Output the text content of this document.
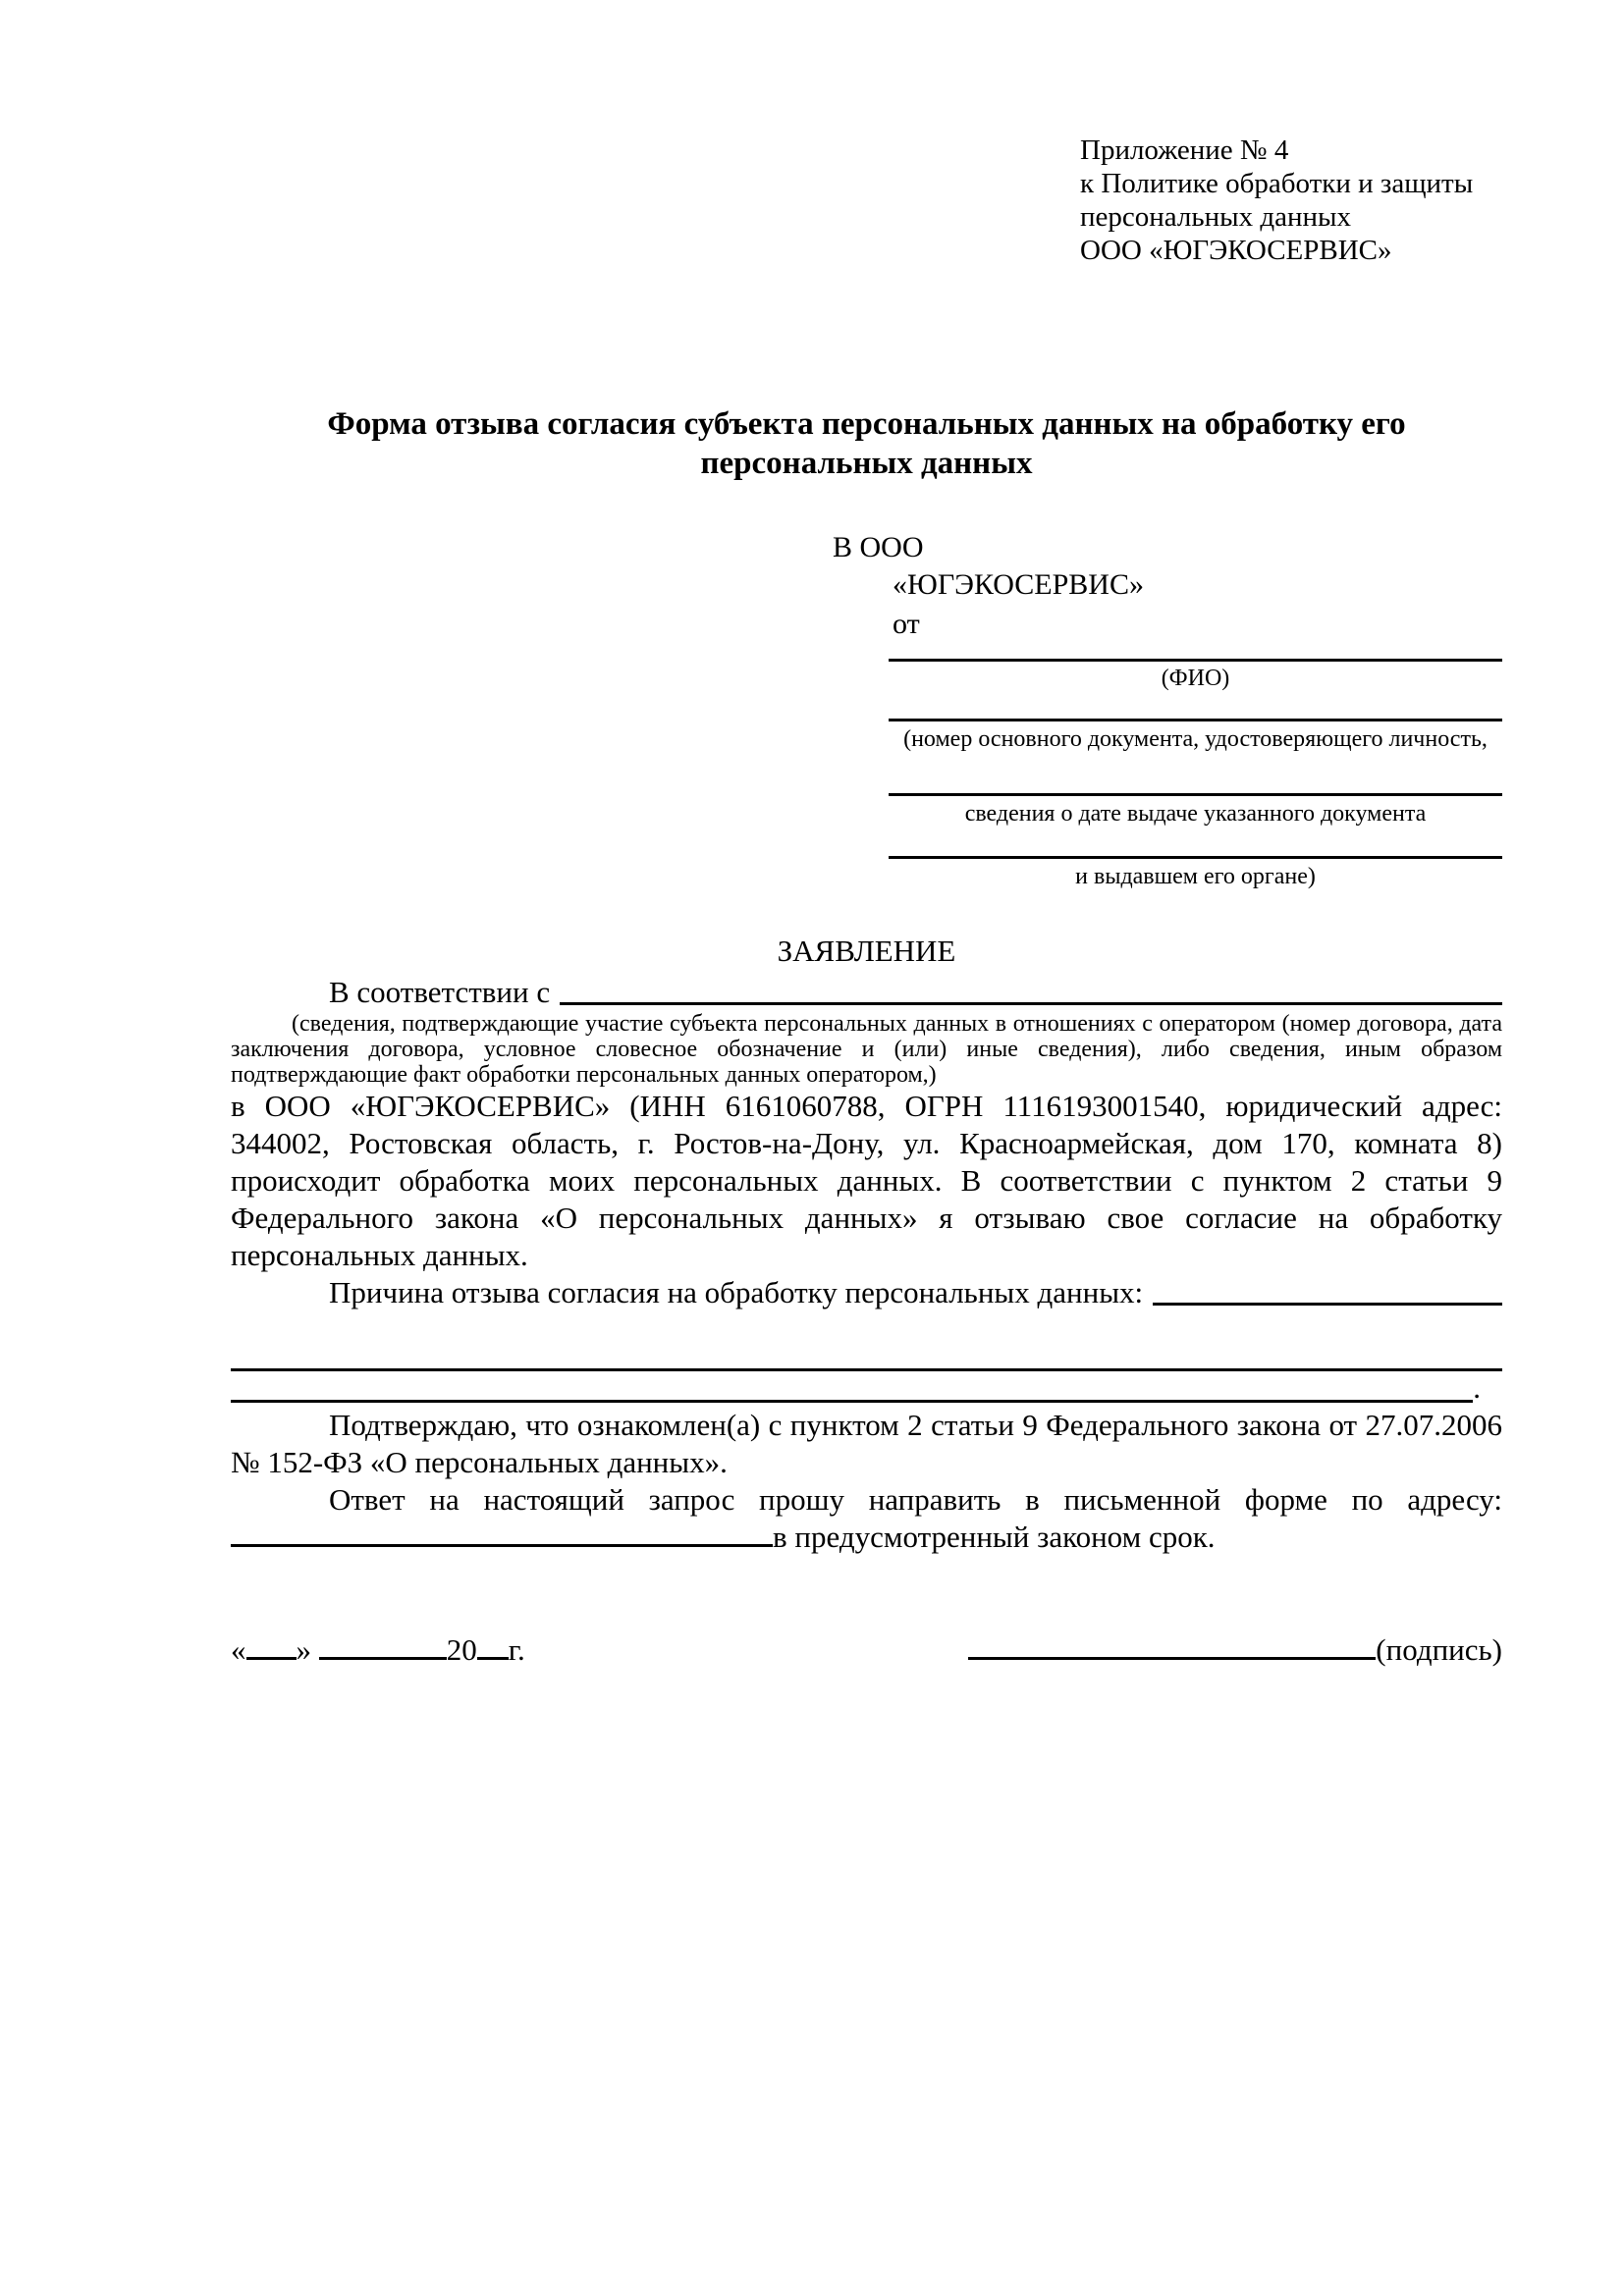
Приложение № 4
к Политике обработки и защиты
персональных данных
ООО «ЮГЭКОСЕРВИС»
Форма отзыва согласия субъекта персональных данных на обработку его персональных данных
В ООО
«ЮГЭКОСЕРВИС»
от
(ФИО)
(номер основного документа, удостоверяющего личность,
сведения о дате выдаче указанного документа
и выдавшем его органе)
ЗАЯВЛЕНИЕ
В соответствии с

(сведения, подтверждающие участие субъекта персональных данных в отношениях с оператором (номер договора, дата заключения договора, условное словесное обозначение и (или) иные сведения), либо сведения, иным образом подтверждающие факт обработки персональных данных оператором,)

в ООО «ЮГЭКОСЕРВИС» (ИНН 6161060788, ОГРН 1116193001540, юридический адрес: 344002, Ростовская область, г. Ростов-на-Дону, ул. Красноармейская, дом 170, комната 8) происходит обработка моих персональных данных. В соответствии с пунктом 2 статьи 9 Федерального закона «О персональных данных» я отзываю свое согласие на обработку персональных данных.

Причина отзыва согласия на обработку персональных данных:
.

Подтверждаю, что ознакомлен(а) с пунктом 2 статьи 9 Федерального закона от 27.07.2006 № 152-ФЗ «О персональных данных».

Ответ на настоящий запрос прошу направить в письменной форме по адресу:

в предусмотренный законом срок.
« »	20 г.	(подпись)
